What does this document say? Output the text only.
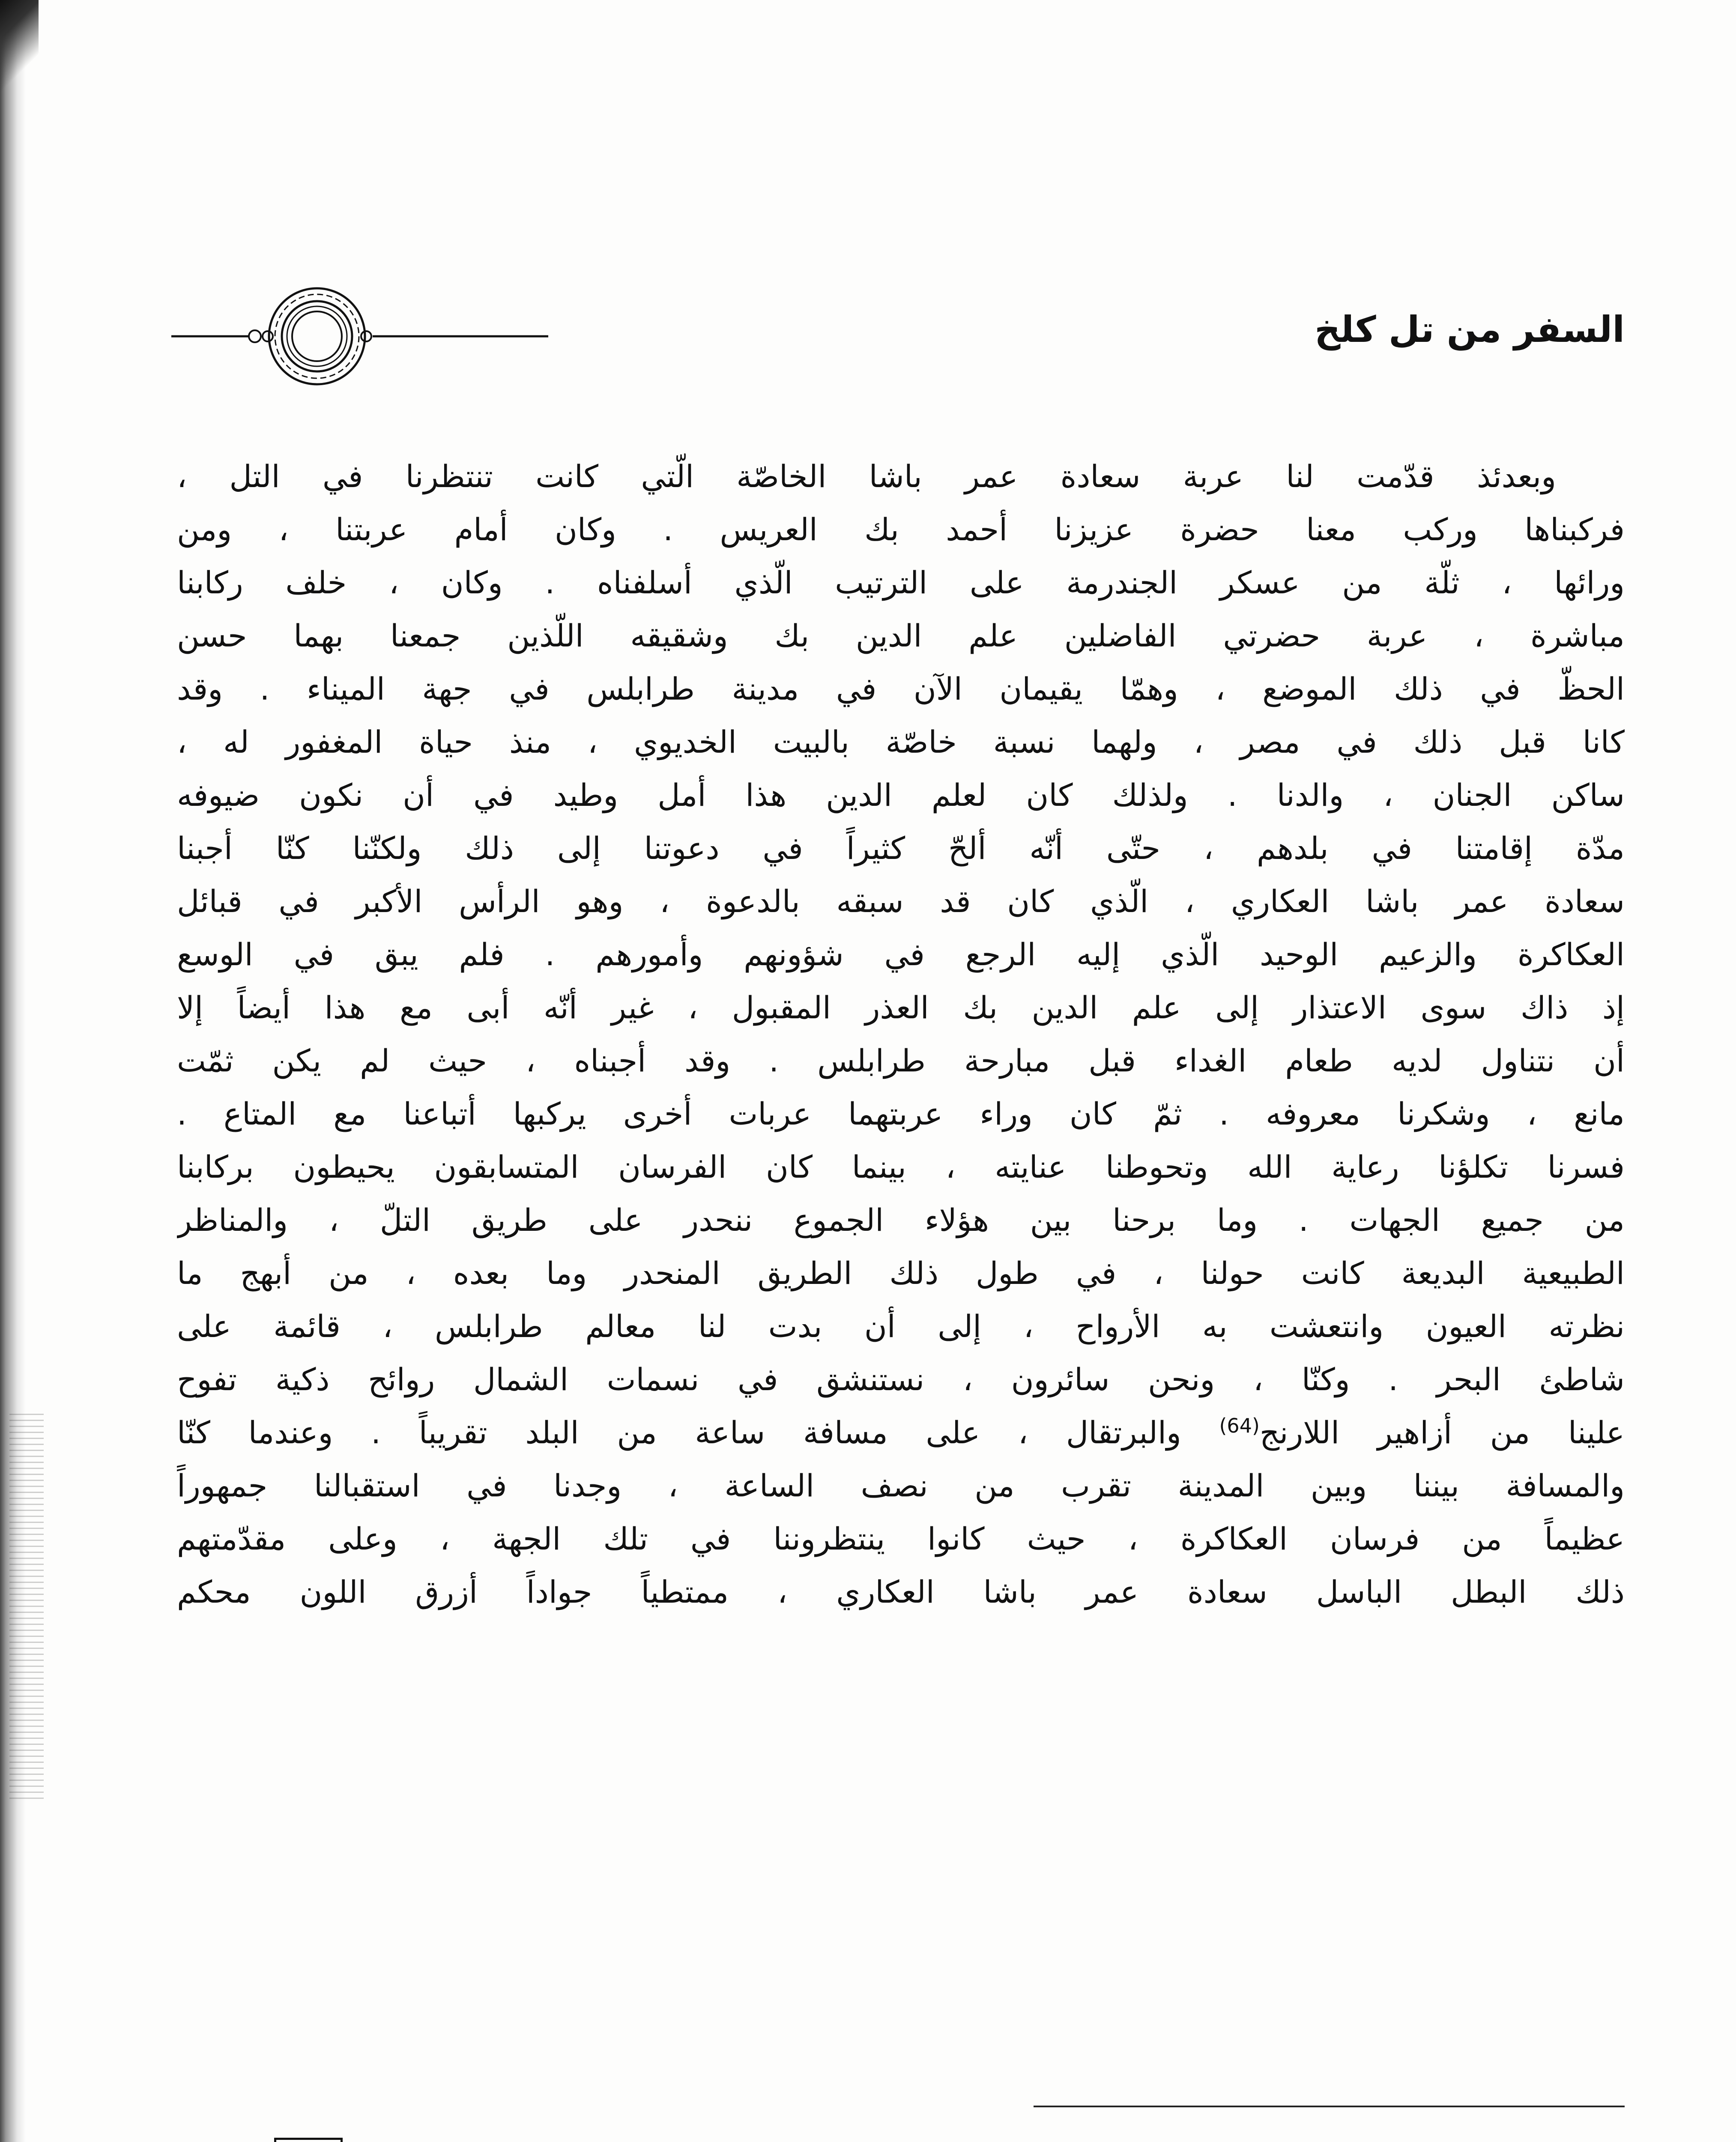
السفر من تل كلخ
وبعدئذ قدّمت لنا عربة سعادة عمر باشا الخاصّة الّتي كانت تنتظرنا في التل ،
فركبناها وركب معنا حضرة عزيزنا أحمد بك العريس . وكان أمام عربتنا ، ومن
ورائها ، ثلّة من عسكر الجندرمة على الترتيب الّذي أسلفناه . وكان ، خلف ركابنا
مباشرة ، عربة حضرتي الفاضلين علم الدين بك وشقيقه اللّذين جمعنا بهما حسن
الحظّ في ذلك الموضع ، وهمّا يقيمان الآن في مدينة طرابلس في جهة الميناء . وقد
كانا قبل ذلك في مصر ، ولهما نسبة خاصّة بالبيت الخديوي ، منذ حياة المغفور له ،
ساكن الجنان ، والدنا . ولذلك كان لعلم الدين هذا أمل وطيد في أن نكون ضيوفه
مدّة إقامتنا في بلدهم ، حتّى أنّه ألحّ كثيراً في دعوتنا إلى ذلك ولكنّنا كنّا أجبنا
سعادة عمر باشا العكاري ، الّذي كان قد سبقه بالدعوة ، وهو الرأس الأكبر في قبائل
العكاكرة والزعيم الوحيد الّذي إليه الرجع في شؤونهم وأمورهم . فلم يبق في الوسع
إذ ذاك سوى الاعتذار إلى علم الدين بك العذر المقبول ، غير أنّه أبى مع هذا أيضاً إلا
أن نتناول لديه طعام الغداء قبل مبارحة طرابلس . وقد أجبناه ، حيث لم يكن ثمّت
مانع ، وشكرنا معروفه . ثمّ كان وراء عربتهما عربات أخرى يركبها أتباعنا مع المتاع .
فسرنا تكلؤنا رعاية الله وتحوطنا عنايته ، بينما كان الفرسان المتسابقون يحيطون بركابنا
من جميع الجهات . وما برحنا بين هؤلاء الجموع ننحدر على طريق التلّ ، والمناظر
الطبيعية البديعة كانت حولنا ، في طول ذلك الطريق المنحدر وما بعده ، من أبهج ما
نظرته العيون وانتعشت به الأرواح ، إلى أن بدت لنا معالم طرابلس ، قائمة على
شاطئ البحر . وكنّا ، ونحن سائرون ، نستنشق في نسمات الشمال روائح ذكية تفوح
علينا من أزاهير اللارنج$^{(64)}$ والبرتقال ، على مسافة ساعة من البلد تقريباً . وعندما كنّا
والمسافة بيننا وبين المدينة تقرب من نصف الساعة ، وجدنا في استقبالنا جمهوراً
عظيماً من فرسان العكاكرة ، حيث كانوا ينتظروننا في تلك الجهة ، وعلى مقدّمتهم
ذلك البطل الباسل سعادة عمر باشا العكاري ، ممتطياً جواداً أزرق اللون محكم
